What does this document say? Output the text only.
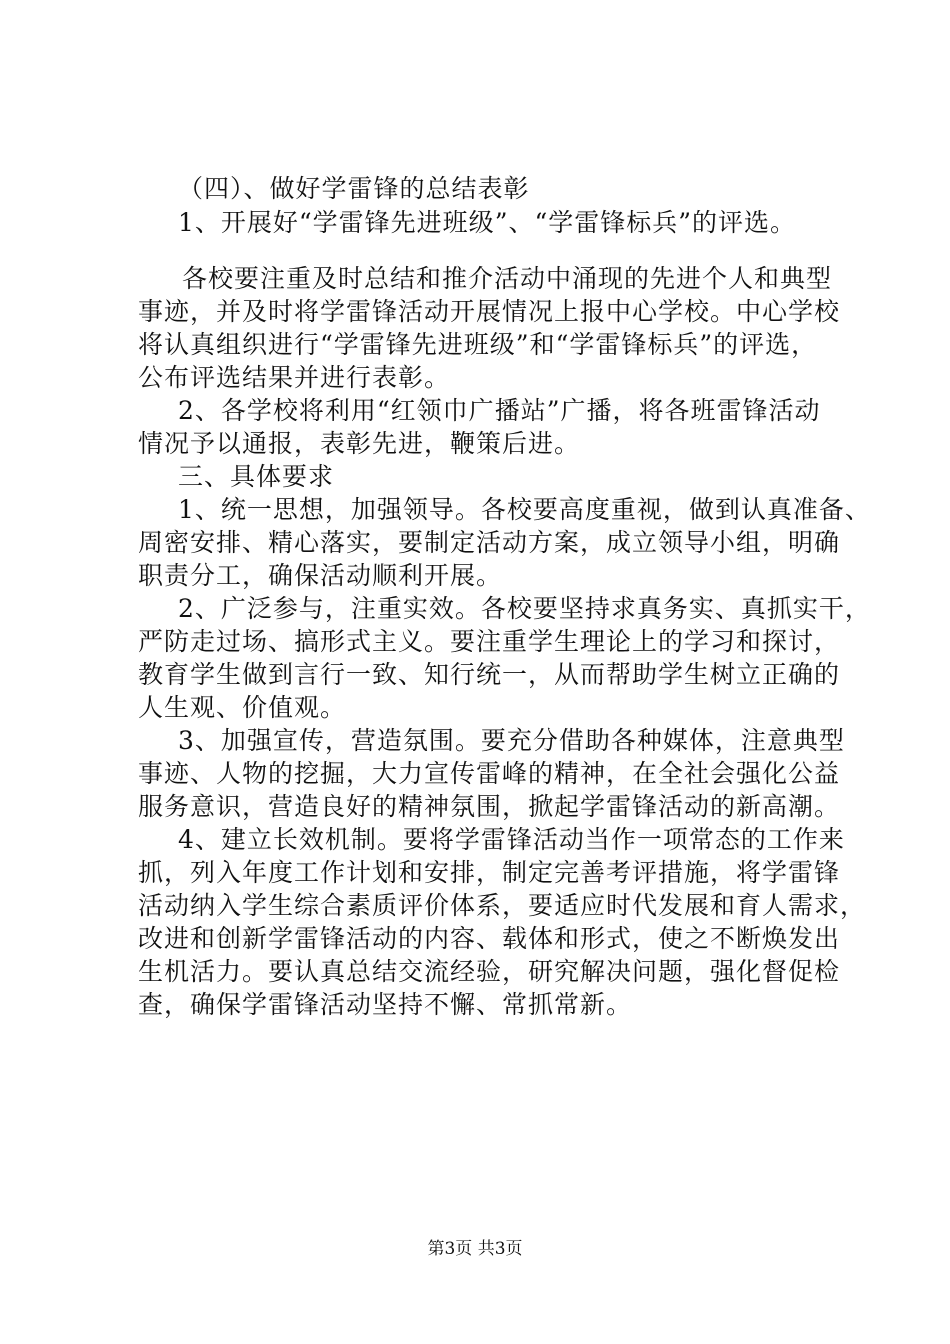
（四）、做好学雷锋的总结表彰
1、开展好“学雷锋先进班级”、“学雷锋标兵”的评选。
各校要注重及时总结和推介活动中涌现的先进个人和典型
事迹，并及时将学雷锋活动开展情况上报中心学校。中心学校
将认真组织进行“学雷锋先进班级”和“学雷锋标兵”的评选，
公布评选结果并进行表彰。
2、各学校将利用“红领巾广播站”广播，将各班雷锋活动
情况予以通报，表彰先进，鞭策后进。
三、具体要求
1、统一思想，加强领导。各校要高度重视，做到认真准备、
周密安排、精心落实，要制定活动方案，成立领导小组，明确
职责分工，确保活动顺利开展。
2、广泛参与，注重实效。各校要坚持求真务实、真抓实干，
严防走过场、搞形式主义。要注重学生理论上的学习和探讨，
教育学生做到言行一致、知行统一，从而帮助学生树立正确的
人生观、价值观。
3、加强宣传，营造氛围。要充分借助各种媒体，注意典型
事迹、人物的挖掘，大力宣传雷峰的精神，在全社会强化公益
服务意识，营造良好的精神氛围，掀起学雷锋活动的新高潮。
4、建立长效机制。要将学雷锋活动当作一项常态的工作来
抓，列入年度工作计划和安排，制定完善考评措施，将学雷锋
活动纳入学生综合素质评价体系，要适应时代发展和育人需求，
改进和创新学雷锋活动的内容、载体和形式，使之不断焕发出
生机活力。要认真总结交流经验，研究解决问题，强化督促检
查，确保学雷锋活动坚持不懈、常抓常新。
第3页 共3页
